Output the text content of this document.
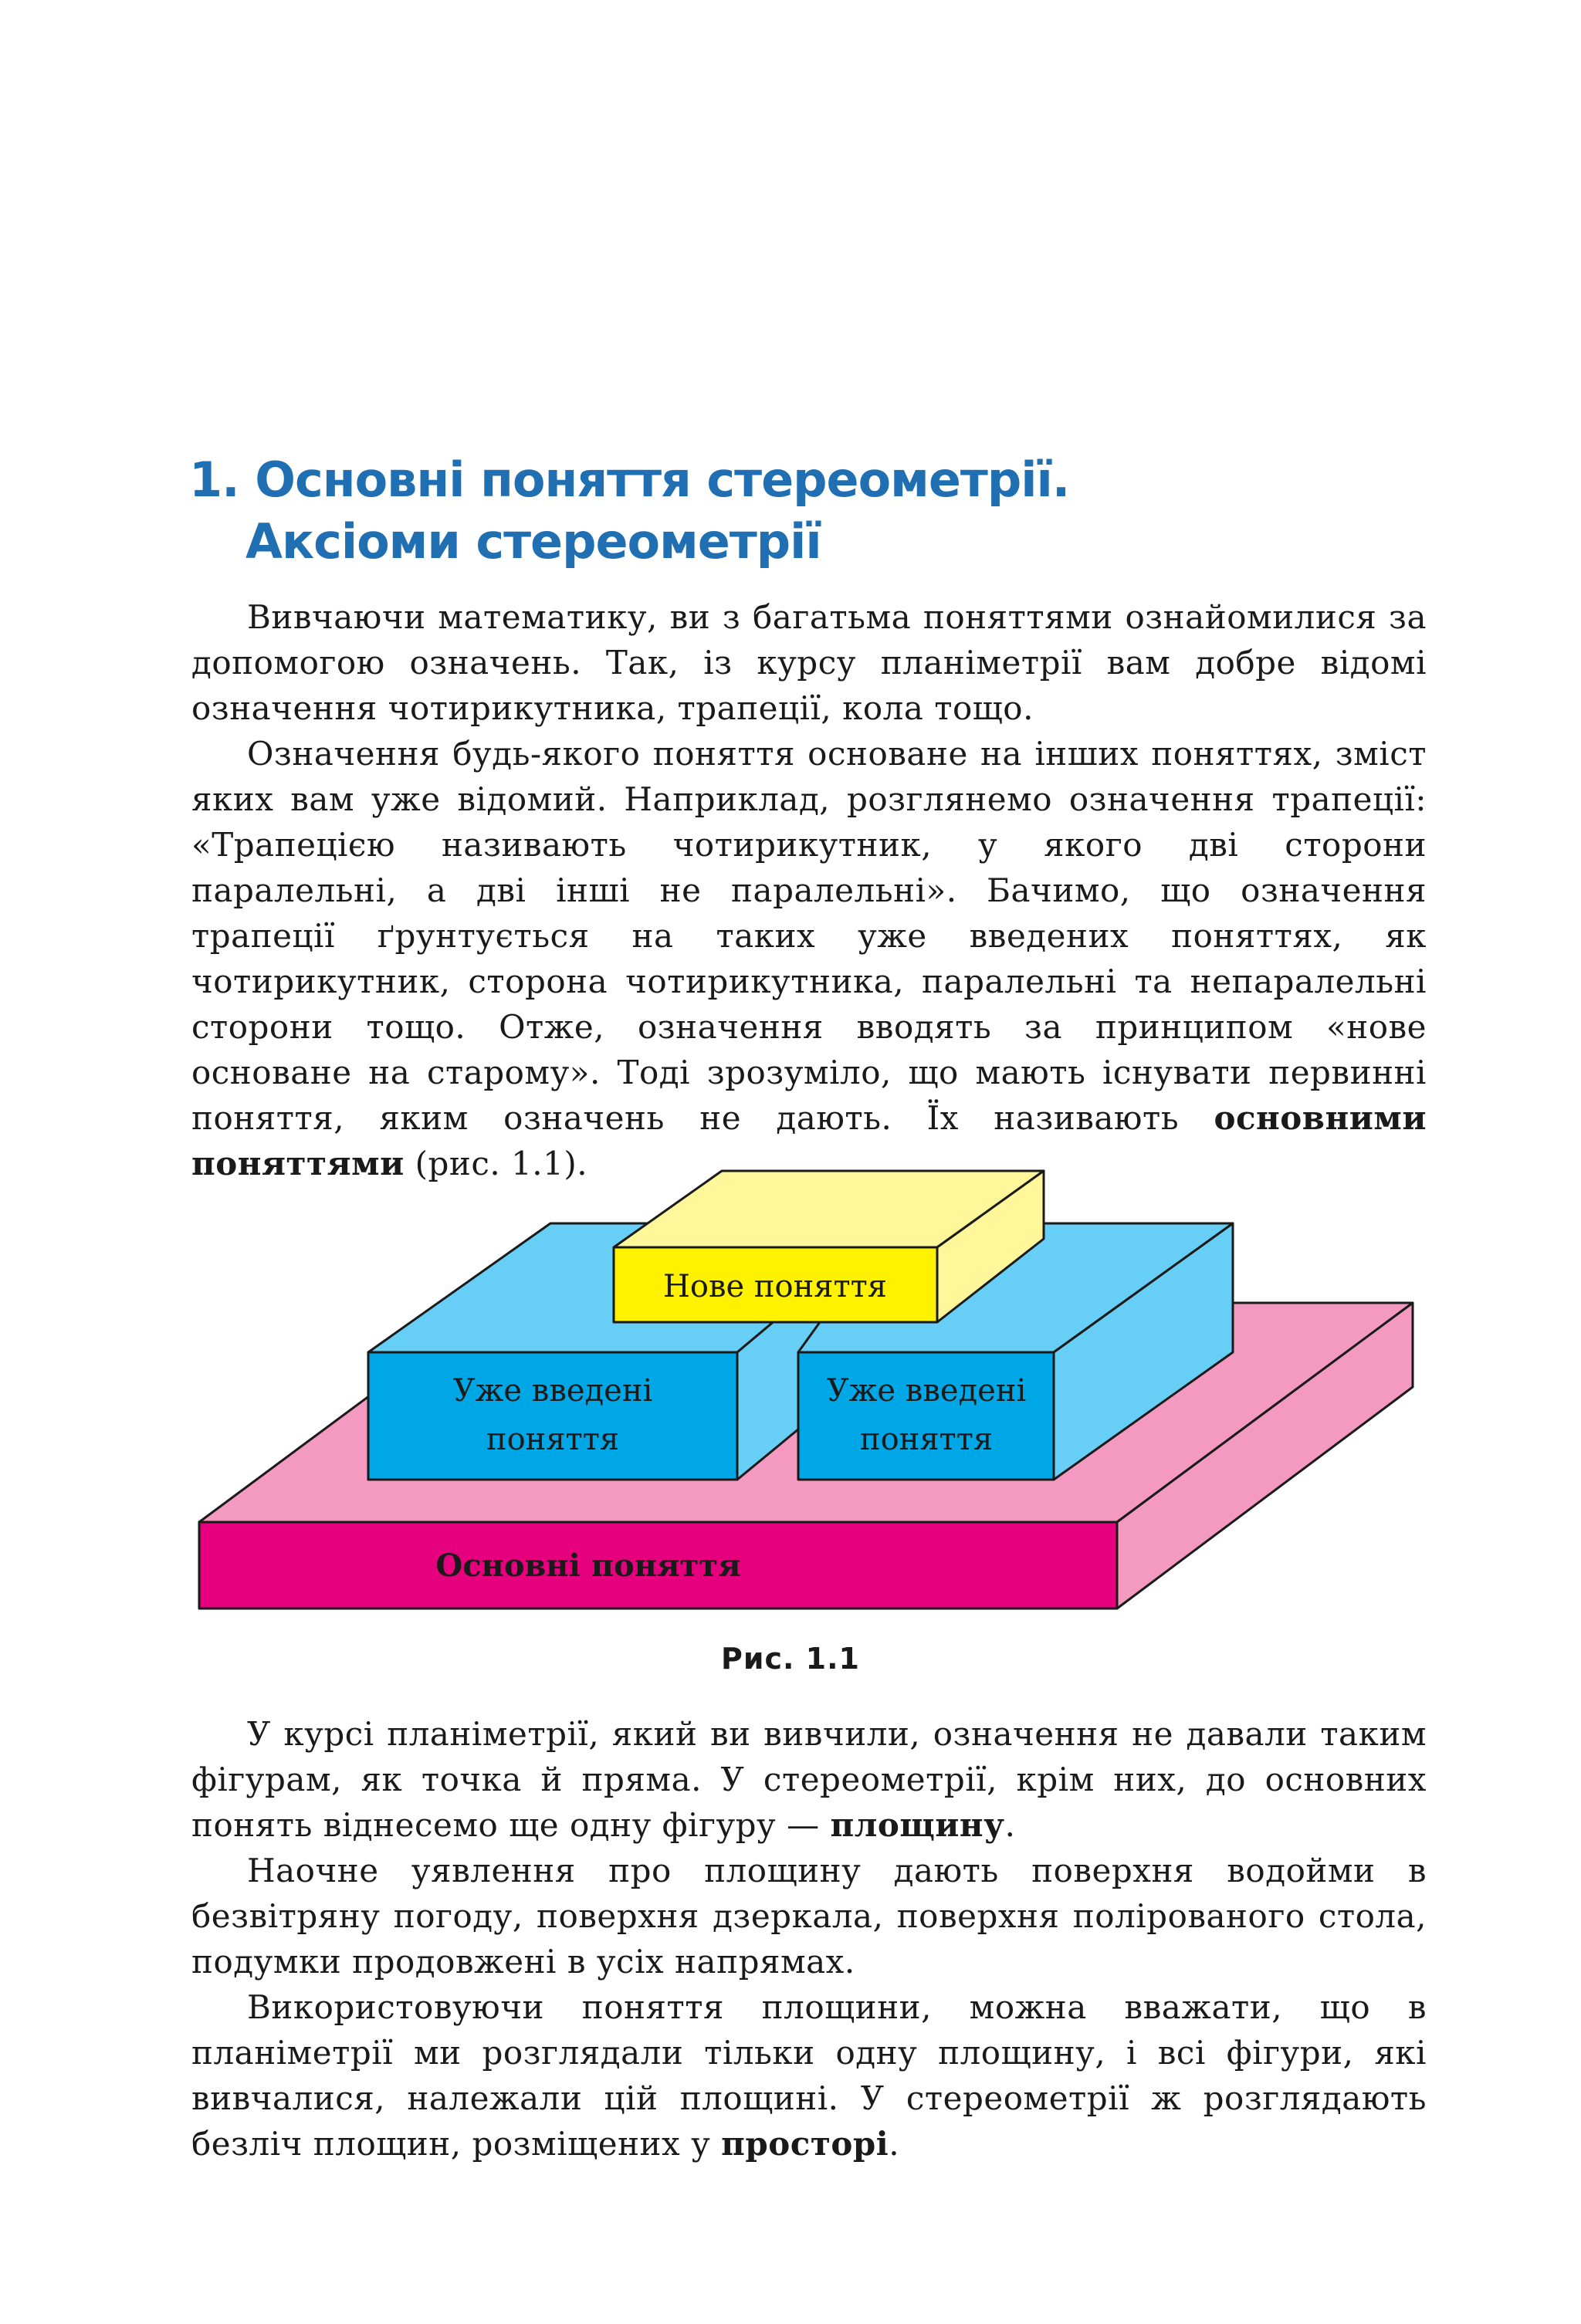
1. Основні поняття стереометрії.
Аксіоми стереометрії

Вивчаючи математику, ви з багатьма поняттями ознайомилися за допомогою означень. Так, із курсу планіметрії вам добре відомі означення чотирикутника, трапеції, кола тощо.

Означення будь-якого поняття основане на інших поняттях, зміст яких вам уже відомий. Наприклад, розглянемо означення трапеції: «Трапецією називають чотирикутник, у якого дві сторони паралельні, а дві інші не паралельні». Бачимо, що означення трапеції ґрунтується на таких уже введених поняттях, як чотирикутник, сторона чотирикутника, паралельні та непаралельні сторони тощо. Отже, означення вводять за принципом «нове основане на старому». Тоді зрозуміло, що мають існувати первинні поняття, яким означень не дають. Їх називають основними поняттями (рис. 1.1).

Нове поняття
Уже введені
поняття
Уже введені
поняття
Основні поняття
Рис. 1.1

У курсі планіметрії, який ви вивчили, означення не давали таким фігурам, як точка й пряма. У стереометрії, крім них, до основних понять віднесемо ще одну фігуру — площину.

Наочне уявлення про площину дають поверхня водойми в безвітряну погоду, поверхня дзеркала, поверхня полірованого стола, подумки продовжені в усіх напрямах.

Використовуючи поняття площини, можна вважати, що в планіметрії ми розглядали тільки одну площину, і всі фігури, які вивчалися, належали цій площині. У стереометрії ж розглядають безліч площин, розміщених у просторі.
